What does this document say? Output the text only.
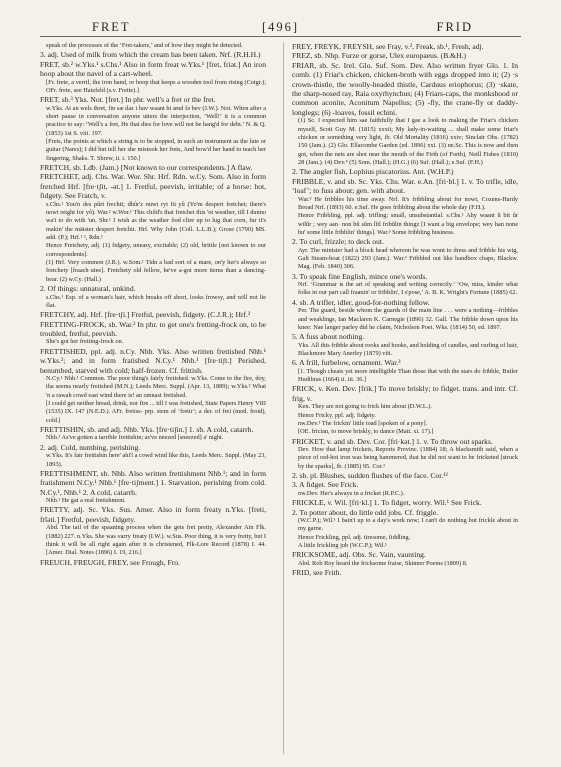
FRET	[496]	FRID

speak of the processes of the ‘Fret-takers,’ and of how they might be detected.

3. adj. Used of milk from which the cream has been taken. Nrf. (R.H.H.)

FRET, sb.² w.Yks.¹ s.Chs.¹ Also in form freat w.Yks.¹ [fret, friət.] An iron hoop about the navel of a cart-wheel.

[Fr. frete, a verril, the iron band, or hoop that keeps a wooden tool from rising (Cotgr.); OFr. frete, see Hatzfeld (s.v. Frette).]

FRET, sb.³ Yks. Not. [fret.] In phr. well's a fret or the fret.

w.Yks. At an wels thret, fin sæ daz i hav waant bi ænd fə bev (J.W.). Not. When after a short pause in conversation anyone utters the interjection, ‘Well!’ it is a common practice to say: ‘Well's a fret, He that dies for love will not be hang'd for debt.’ N. & Q. (1853) 1st S. viii. 197.

[Frets, the points at which a string is to be stopped, in such an instrument as the lute or guitar (Nares); I did but tell her she mistook her frets, And bow'd her hand to teach her fingering, Shaks. T. Shrew, ii. i. 150.]

FRETCH, sb. Ldb. (Jam.) [Not known to our correspondents.] A flaw.

FRETCHET, adj. Chs. War. Wor. Shr. Hrf. Rdn. w.Cy. Som. Also in form fretched Hrf. [fre·tʃit, -ət.] 1. Fretful, peevish, irritable; of a horse: hot, fidgety. See Fratch, v.

s.Chs.¹ You'n des pûrt frechit; dhûr'z nuwt ryt fü yû (Yo'm despert fretchet; there's nowt reight for yô). War.² w.Wor.¹ This child's that fretchet this 'ot weather, till I dunno wa't to do with 'un. Shr.¹ I wish as the weather ŏod clier up to lug that corn, fur it's makin' the mäister despert fretchit. Hrf. Why John (Coll. L.L.B.); Grose (1790) MS. add. (P.); Hrf.¹ ², Rdn.¹

Hence Fretchety, adj. (1) fidgety, uneasy, excitable; (2) old, brittle [not known to our correspondents].

(1) Hrf. Very common (J.B.). w.Som.¹ Tidn a bad sort of a mare, on'y her's always so fretchety [fraach·utee]. Fretchety old fellow, he've a-got more items than a dancing-bear. (2) w.Cy. (Hall.)

2. Of things: unnatural, unkind.

s.Chs.¹ Esp. of a woman's hair, which breaks off short, looks frowsy, and will not lie flat.

FRETCHY, adj. Hrf. [fre·tʃi.] Fretful, peevish, fidgety. (C.J.R.); Hrf.²

FRETTING-FROCK, sb. War.² In phr. to get one's fretting-frock on, to be troubled, fretful, peevish.

She's got her fretting-frock on.

FRETTISHED, ppl. adj. n.Cy. Nhb. Yks. Also written frettished Nhb.¹ w.Yks.²; and in form fratished N.Cy.¹ Nhb.¹ [fre·tiʃt.] Perished, benumbed, starved with cold; half-frozen. Cf. frittish.

N.Cy.¹ Nhb.¹ Common. The poor thing's fairly fretished. w.Yks. Come to the fire, doy, tha seems nearly fretished (M.N.); Leeds Merc. Suppl. (Apr. 13, 1889); w.Yks.² What 'n a rawah cowd east wind there is! an omnast fretished.

[I could get neither bread, drink, nor fire ... till I was fretished, State Papers Henry VIII (1535) IX. 147 (N.E.D.). AFr. fretiss- prp. stem of ‘fretir’; a der. of frei (mod. froid), cold.]

FRETTISHIN, sb. and adj. Nhb. Yks. [fre·tiʃin.] 1. sb. A cold, catarrh.

Nhb.¹ As've gotten a tarrible frettishin; as've neezed [sneezed] a' night.

2. adj. Cold, numbing, perishing.

w.Yks. It's fair frettishin here' ahi'l a cowd wind like this, Leeds Merc. Suppl. (May 23, 1893).

FRETTISHMENT, sb. Nhb. Also written frettishment Nhb.¹; and in form fratishment N.Cy.¹ Nhb.¹ [fre·tiʃment.] 1. Starvation, perishing from cold. N.Cy.¹, Nhb.¹ 2. A cold, catarrh.

Nhb.¹ He gat a real fretishment.

FRETTY, adj. Sc. Yks. Sus. Amer. Also in form freaty n.Yks. [freti, frīəti.] Fretful, peevish, fidgety.

Abd. The tail of the spaaning process when the gets fret pretty, Alexander Ain Flk. (1882) 227. n.Yks. She was varry freaty (I.W.). w.Sus. Poor thing, it is very fretty, but I think it will be all right again after it is christened, Flk-Lore Record (1878) I. 44. [Amer. Dial. Notes (1896) I. 19, 216.]

FREUCH, FREUGH, FREY, see Frough, Fro.

FREY, FREYK, FREYSH, see Fray, v.², Freak, sb.¹, Fresh, adj.

FREZ, sb. Nhp. Furze or gorse, Ulex europaeus. (B.&H.)

FRIAR, sb. Sc. Irel. Glo. Suf. Som. Dev. Also written fryer Glo. 1. In comb. (1) Friar's chicken, chicken-broth with eggs dropped into it; (2) ·s crown-thistle, the woolly-headed thistle, Carduus eriophorus; (3) ·skate, the sharp-nosed ray, Raia oxyrhynchus; (4) Friars-caps, the monkshood or common aconite, Aconitum Napellus; (5) -fly, the crane-fly or daddy-longlegs; (6) -loaves, fossil echini.

(1) Sc. I expected him sae faithfully that I gae a look to making the Friar's chicken myself, Scott Guy M. (1815) xxxii; My lady-in-waiting ... shall make some friar's chicken or something very light, ib. Old Mortality (1816) xxiv; Sinclair Obs. (1782) 150 (Jam.). (2) Glo. Ellacombe Garden (ed. 1896) xxi. (3) ne.Sc. This is now and then got, when the nets are shot near the mouth of the Firth (of Forth), Neill Fishes (1810) 28 (Jam.). (4) Dev.⁴ (5) Som. (Hall.); (H.G.) (6) Suf. (Hall.); e.Suf. (F.H.)

2. The angler fish, Lophius piscatorius. Ant. (W.H.P.)

FRIBBLE, v. and sb. Sc. Yks. Chs. War. e.An. [fri·bl.] 1. v. To trifle, idle, ‘loaf’; to fuss about; gen. with about.

War.³ He fribbles his time away. Nrf. It's fribbling about for nowt, Cozens-Hardy Broad Nrf. (1893) 60. e.Suf. He goes fribbling about the whole day (F.H.).

Hence Fribbling, ppl. adj. trifling; small, unsubstantial. s.Chs.¹ Ahy waant ŭ bit ŭr wilŭr ; wey aan· non bŭ sŭm lĭtl fribŭlin thingz [I want a big envelope; wey han none bu' some little fribblin' things]. War.³ Some fribbling business.

2. To curl, frizzle; to deck out.

Ayr. The minister had a block head whereon he was wont to dress and fribble his wig, Galt Steam-boat (1822) 293 (Jam.). War.³ Fribbled out like bandbox chaps, Blackw. Mag. (Feb. 1840) 306.

3. To speak fine English, mince one's words.

Nrf. ‘Grammar is the art of speaking and writing correctly.’ ‘Ow, miss, kinder what folks in our part call fraanin' or fribblin', I s'pose,’ A. B. K. Wright's Fortune (1885) 62.

4. sb. A trifler, idler, good-for-nothing fellow.

Per. The guard, beside whom the guards of the main line . . . were a nothing—fribbles and weaklings, Ian Maclaren K. Carnegie (1896) 32. Gall. The fribble down upon his knee: Nae langer parley did he claim, Nicholson Poet. Wks. (1814) 50, ed. 1897.

5. A fuss about nothing.

Yks. All this fribble about rooks and hooks, and holding of candles, and curling of hair, Blackmore Mary Anerley (1879) viii.

6. A frill, furbelow, ornament. War.³

[1. Though cheats yet more intelligible Than those that with the stars do fribble, Butler Hudibras (1664) ii. iii. 36.]

FRICK, v. Ken. Dev. [frik.] To move briskly; to fidget. trans. and intr. Cf. frig, v.

Ken. They are not going to frick him about (D.W.L.).

Hence Fricky, ppl. adj. fidgety.

nw.Dev.¹ The frickin' little toad [spoken of a pony].

[OE. frician, to move briskly, to dance (Matt. xi. 17).]

FRICKET, v. and sb. Dev. Cor. [fri·kət.] 1. v. To throw out sparks.

Dev. How that lamp frickets, Reports Provinc. (1884) 18; A blacksmith said, when a piece of red-hot iron was being hammered, that he did not want to be fricketed [struck by the sparks], ib. (1885) 95. Cor.²

2. sb. pl. Blushes, sudden flushes of the face. Cor.¹²

3. A fidget. See Frick.

nw.Dev. Her's always in a fricket (R.P.C.).

FRICKLE, v. Wil. [fri·kl.] 1. To fidget, worry. Wil.¹ See Frick.

2. To potter about, do little odd jobs. Cf. friggle.

(W.C.P.); Wil.¹ I bain't up to a day's work now; I can't do nothing but frickle about in my garne.

Hence Frickling, ppl. adj. tiresome, fiddling.

A little frickling job (W.C.P.); Wil.¹

FRICKSOME, adj. Obs. Sc. Vain, vaunting.

Abd. Rob Roy heard the fricksome fraise, Skinner Poems (1809) 8.

FRID, see Frith.
